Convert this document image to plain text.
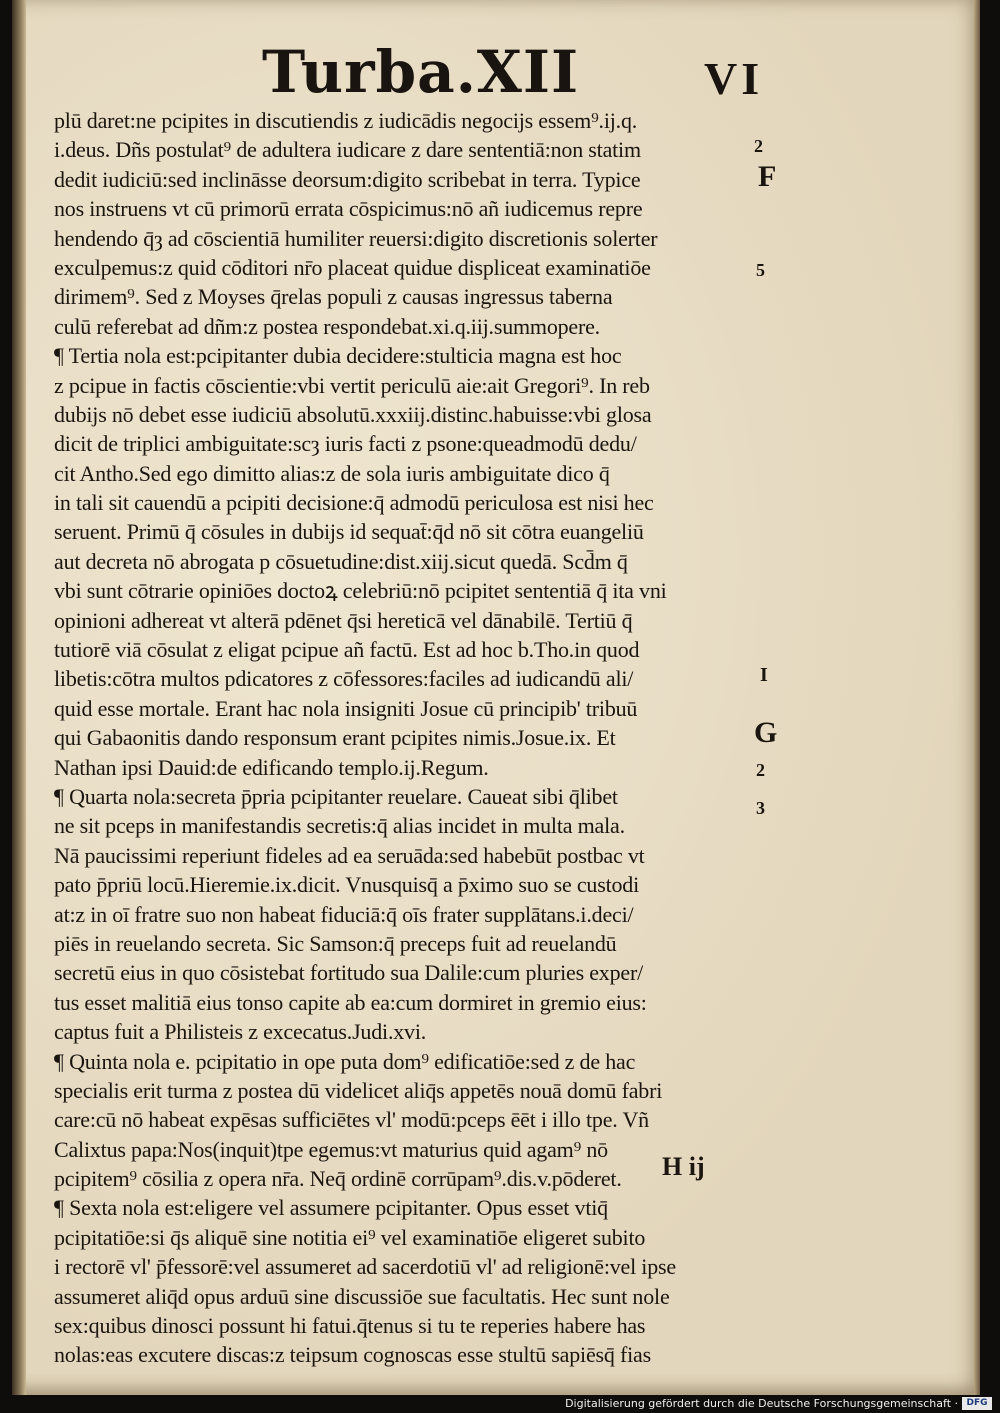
Turba.XII	VI
plū daret:ne pcipites in discutiendis z iudicādis negocijs essem⁹.ij.q.
i.deus. Dñs postulat⁹ de adultera iudicare z dare sententiā:non statim
dedit iudiciū:sed inclināsse deorsum:digito scribebat in terra. Typice
nos instruens vt cū primorū errata cōspicimus:nō añ iudicemus repre
hendendo q̄ȝ ad cōscientiā humiliter reuersi:digito discretionis solerter
exculpemus:z quid cōditori nr̄o placeat quidue displiceat examinatiōe
dirimem⁹. Sed z Moyses q̄relas populi z causas ingressus taberna
culū referebat ad dñm:z postea respondebat.xi.q.iij.summopere.
¶ Tertia nola est:pcipitanter dubia decidere:stulticia magna est hoc
z pcipue in factis cōscientie:vbi vertit periculū aie:ait Gregori⁹. In reb
dubijs nō debet esse iudiciū absolutū.xxxiij.distinc.habuisse:vbi glosa
dicit de triplici ambiguitate:scȝ iuris facti z psone:queadmodū dedu/
cit Antho.Sed ego dimitto alias:z de sola iuris ambiguitate dico q̄
in tali sit cauendū a pcipiti decisione:q̄ admodū periculosa est nisi hec
seruent. Primū q̄ cōsules in dubijs id sequat̄:q̄d nō sit cōtra euangeliū
aut decreta nō abrogata p cōsuetudine:dist.xiij.sicut quedā. Scd̄m q̄
vbi sunt cōtrarie opiniōes doctoꝝ celebriū:nō pcipitet sententiā q̄ ita vni
opinioni adhereat vt alterā pdēnet q̄si hereticā vel dānabilē. Tertiū q̄
tutiorē viā cōsulat z eligat pcipue añ factū. Est ad hoc b.Tho.in quod
libetis:cōtra multos pdicatores z cōfessores:faciles ad iudicandū ali/
quid esse mortale. Erant hac nola insigniti Josue cū principib' tribuū
qui Gabaonitis dando responsum erant pcipites nimis.Josue.ix. Et
Nathan ipsi Dauid:de edificando templo.ij.Regum.
¶ Quarta nola:secreta p̄pria pcipitanter reuelare. Caueat sibi q̄libet
ne sit pceps in manifestandis secretis:q̄ alias incidet in multa mala.
Nā paucissimi reperiunt fideles ad ea seruāda:sed habebūt postbac vt
pato p̄priū locū.Hieremie.ix.dicit. Vnusquisq̄ a p̄ximo suo se custodi
at:z in oī fratre suo non habeat fiduciā:q̄ oīs frater supplātans.i.deci/
piēs in reuelando secreta. Sic Samson:q̄ preceps fuit ad reuelandū
secretū eius in quo cōsistebat fortitudo sua Dalile:cum pluries exper/
tus esset malitiā eius tonso capite ab ea:cum dormiret in gremio eius:
captus fuit a Philisteis z excecatus.Judi.xvi.
¶ Quinta nola e. pcipitatio in ope puta dom⁹ edificatiōe:sed z de hac
specialis erit turma z postea dū videlicet aliq̄s appetēs nouā domū fabri
care:cū nō habeat expēsas sufficiētes vl' modū:pceps ēēt i illo tpe. Vñ
Calixtus papa:Nos(inquit)tpe egemus:vt maturius quid agam⁹ nō
pcipitem⁹ cōsilia z opera nr̄a. Neq̄ ordinē corrūpam⁹.dis.v.pōderet.
¶ Sexta nola est:eligere vel assumere pcipitanter. Opus esset vtiq̄
pcipitatiōe:si q̄s aliquē sine notitia ei⁹ vel examinatiōe eligeret subito
i rectorē vl' p̄fessorē:vel assumeret ad sacerdotiū vl' ad religionē:vel ipse
assumeret aliq̄d opus arduū sine discussiōe sue facultatis. Hec sunt nole
sex:quibus dinosci possunt hi fatui.q̄tenus si tu te reperies habere has
nolas:eas excutere discas:z teipsum cognoscas esse stultū sapiēsq̄ fias
2
F
5
I
G
2
3
H ij
Digitalisierung gefördert durch die Deutsche Forschungsgemeinschaft · DFG
